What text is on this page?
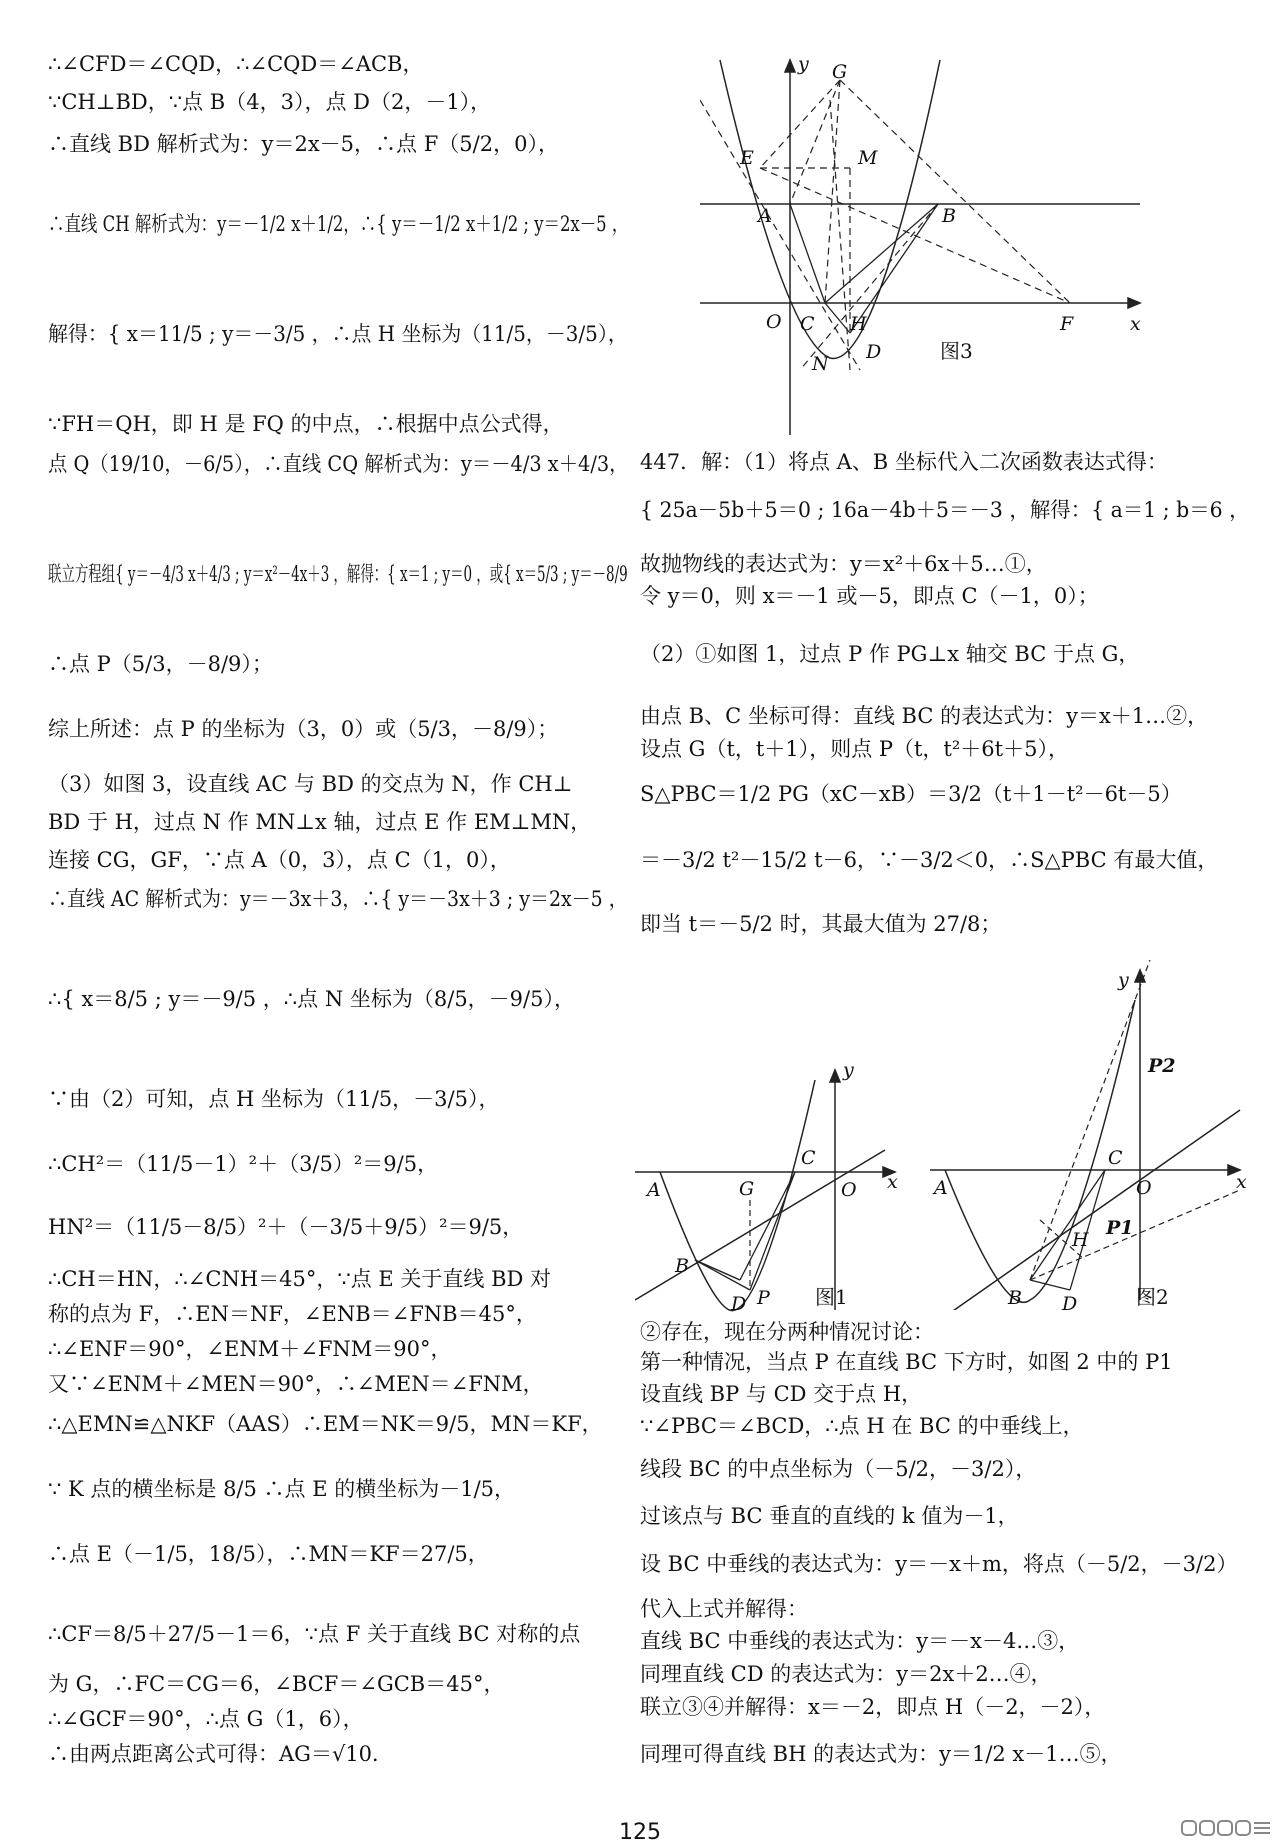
∴∠CFD＝∠CQD，∴∠CQD＝∠ACB，
∵CH⊥BD，∵点 B（4，3），点 D（2，－1），
∴直线 BD 解析式为：y＝2x－5，∴点 F（5/2，0），
∴直线 CH 解析式为：y＝－1/2 x＋1/2，∴{ y＝－1/2 x＋1/2 ; y＝2x－5 ，
解得：{ x＝11/5 ; y＝－3/5 ，∴点 H 坐标为（11/5，－3/5），
∵FH＝QH，即 H 是 FQ 的中点，∴根据中点公式得，
点 Q（19/10，－6/5），∴直线 CQ 解析式为：y＝－4/3 x＋4/3，
联立方程组{ y＝－4/3 x＋4/3 ; y＝x²－4x＋3 ，解得：{ x＝1 ; y＝0 ，或{ x＝5/3 ; y＝－8/9
∴点 P（5/3，－8/9）；
综上所述：点 P 的坐标为（3，0）或（5/3，－8/9）；
（3）如图 3，设直线 AC 与 BD 的交点为 N，作 CH⊥
BD 于 H，过点 N 作 MN⊥x 轴，过点 E 作 EM⊥MN，
连接 CG，GF，∵点 A（0，3），点 C（1，0），
∴直线 AC 解析式为：y＝－3x＋3，∴{ y＝－3x＋3 ; y＝2x－5 ，
∴{ x＝8/5 ; y＝－9/5 ，∴点 N 坐标为（8/5，－9/5），
∵由（2）可知，点 H 坐标为（11/5，－3/5），
∴CH²＝（11/5－1）²＋（3/5）²＝9/5，
HN²＝（11/5－8/5）²＋（－3/5＋9/5）²＝9/5，
∴CH＝HN，∴∠CNH＝45°，∵点 E 关于直线 BD 对
称的点为 F，∴EN＝NF，∠ENB＝∠FNB＝45°，
∴∠ENF＝90°，∠ENM＋∠FNM＝90°，
又∵∠ENM＋∠MEN＝90°，∴∠MEN＝∠FNM，
∴△EMN≌△NKF（AAS）∴EM＝NK＝9/5，MN＝KF，
∵ K 点的横坐标是 8/5 ∴点 E 的横坐标为－1/5，
∴点 E（－1/5，18/5），∴MN＝KF＝27/5，
∴CF＝8/5＋27/5－1＝6，∵点 F 关于直线 BC 对称的点
为 G，∴FC＝CG＝6，∠BCF＝∠GCB＝45°，
∴∠GCF＝90°，∴点 G（1，6），
∴由两点距离公式可得：AG＝√10．
447．解：（1）将点 A、B 坐标代入二次函数表达式得：
{ 25a－5b＋5＝0 ; 16a－4b＋5＝－3 ，解得：{ a＝1 ; b＝6 ，
故抛物线的表达式为：y＝x²＋6x＋5…①，
令 y＝0，则 x＝－1 或－5，即点 C（－1，0）；
（2）①如图 1，过点 P 作 PG⊥x 轴交 BC 于点 G，
由点 B、C 坐标可得：直线 BC 的表达式为：y＝x＋1…②，
设点 G（t，t＋1），则点 P（t，t²＋6t＋5），
S△PBC＝1/2 PG（xC－xB）＝3/2（t＋1－t²－6t－5）
＝－3/2 t²－15/2 t－6，∵－3/2＜0，∴S△PBC 有最大值，
即当 t＝－5/2 时，其最大值为 27/8；
②存在，现在分两种情况讨论：
第一种情况，当点 P 在直线 BC 下方时，如图 2 中的 P1
设直线 BP 与 CD 交于点 H，
∵∠PBC＝∠BCD，∴点 H 在 BC 的中垂线上，
线段 BC 的中点坐标为（－5/2，－3/2），
过该点与 BC 垂直的直线的 k 值为－1，
设 BC 中垂线的表达式为：y＝－x＋m，将点（－5/2，－3/2）
代入上式并解得：
直线 BC 中垂线的表达式为：y＝－x－4…③，
同理直线 CD 的表达式为：y＝2x＋2…④，
联立③④并解得：x＝－2，即点 H（－2，－2），
同理可得直线 BH 的表达式为：y＝1/2 x－1…⑤，
y
x
G
E	M
A	B
O C H	F
N
D	图3
y
x
A	G
C
O
B
P
D	图1
y
x
P2
C
O
A
H
P1
B D	图2
125
